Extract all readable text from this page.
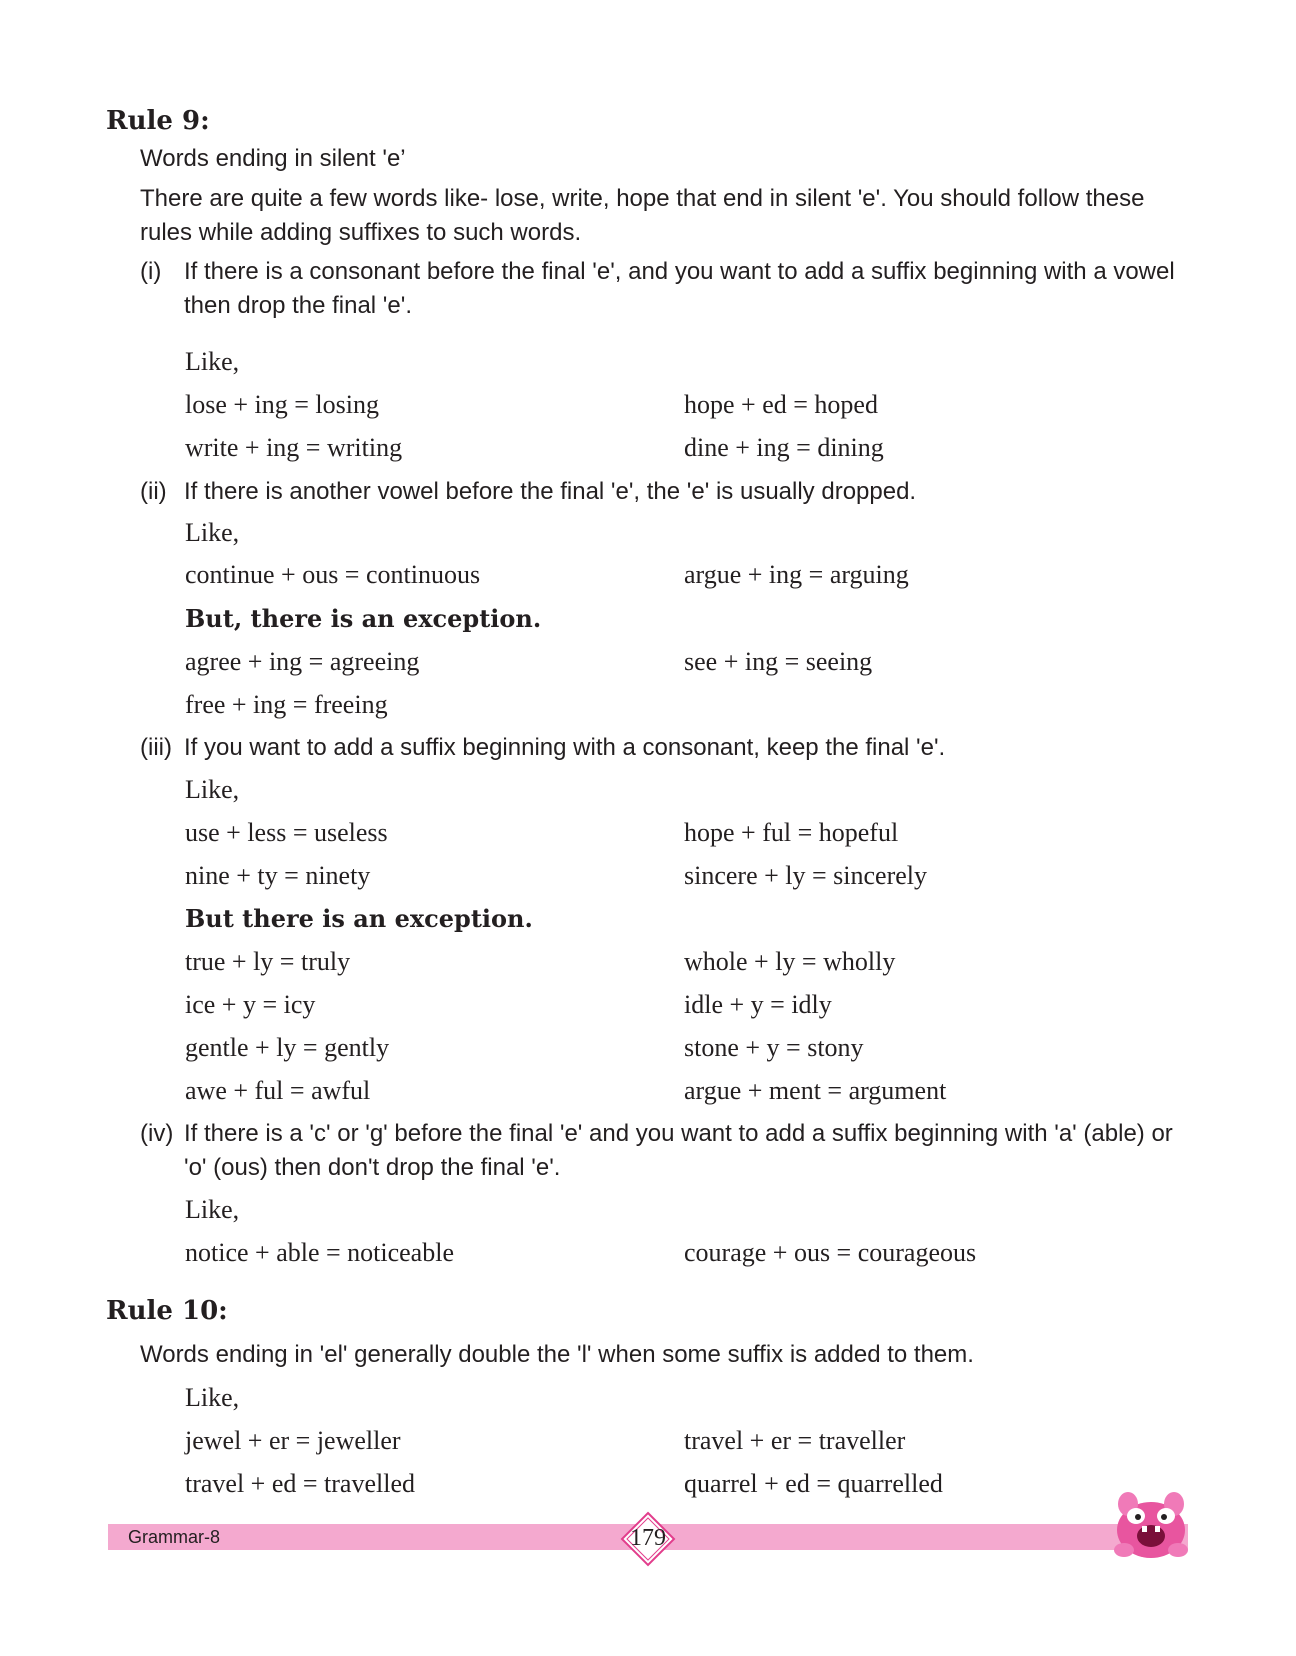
Rule 9:
Words ending in silent 'e’
There are quite a few words like- lose, write, hope that end in silent 'e'. You should follow these rules while adding suffixes to such words.
(i) If there is a consonant before the final 'e', and you want to add a suffix beginning with a vowel then drop the final 'e'.
Like,
lose + ing = losing	hope + ed = hoped
write + ing = writing	dine + ing = dining
(ii) If there is another vowel before the final 'e', the 'e' is usually dropped.
Like,
continue + ous = continuous	argue + ing = arguing
But, there is an exception.
agree + ing = agreeing	see + ing = seeing
free + ing = freeing
(iii) If you want to add a suffix beginning with a consonant, keep the final 'e'.
Like,
use + less = useless	hope + ful = hopeful
nine + ty = ninety	sincere + ly = sincerely
But there is an exception.
true + ly = truly	whole + ly = wholly
ice + y = icy	idle + y = idly
gentle + ly = gently	stone + y = stony
awe + ful = awful	argue + ment = argument
(iv) If there is a 'c' or 'g' before the final 'e' and you want to add a suffix beginning with 'a' (able) or 'o' (ous) then don't drop the final 'e'.
Like,
notice + able = noticeable	courage + ous = courageous
Rule 10:
Words ending in 'el' generally double the 'l' when some suffix is added to them.
Like,
jewel + er = jeweller	travel + er = traveller
travel + ed = travelled	quarrel + ed = quarrelled
Grammar-8	179
